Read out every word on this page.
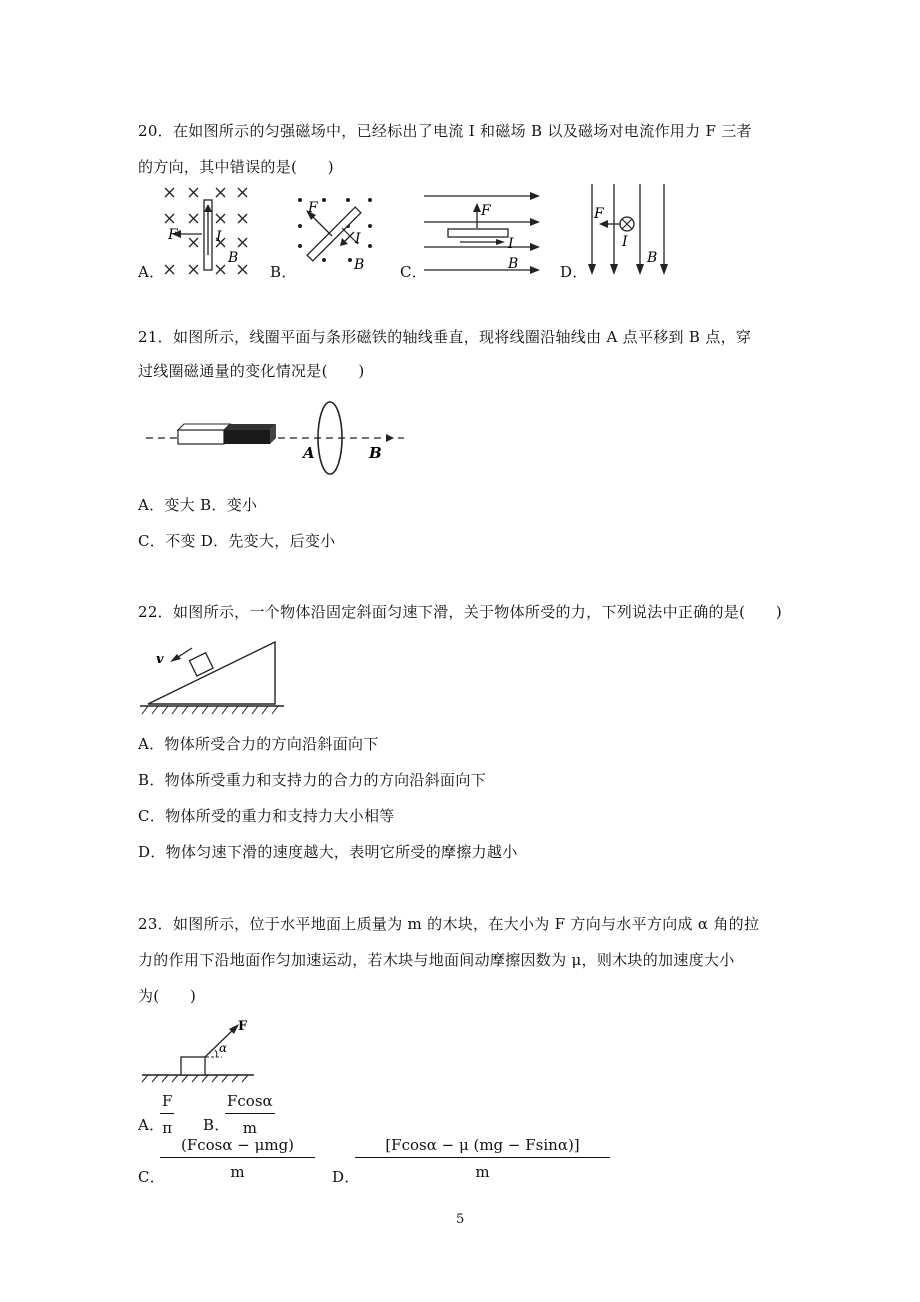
20．在如图所示的匀强磁场中，已经标出了电流 I 和磁场 B 以及磁场对电流作用力 F 三者
的方向，其中错误的是(　　)
A．
F	I
B
B．
F
I
B C．
F
I
B	D．
F
I
B
21．如图所示，线圈平面与条形磁铁的轴线垂直，现将线圈沿轴线由 A 点平移到 B 点，穿
过线圈磁通量的变化情况是(　　)
A	B
A．变大 B．变小
C．不变 D．先变大，后变小
22．如图所示，一个物体沿固定斜面匀速下滑，关于物体所受的力，下列说法中正确的是(　　)
v
A．物体所受合力的方向沿斜面向下
B．物体所受重力和支持力的合力的方向沿斜面向下
C．物体所受的重力和支持力大小相等
D．物体匀速下滑的速度越大，表明它所受的摩擦力越小
23．如图所示，位于水平地面上质量为 m 的木块，在大小为 F 方向与水平方向成 α 角的拉
力的作用下沿地面作匀加速运动，若木块与地面间动摩擦因数为 μ，则木块的加速度大小
为(　　)
F
α
A．
$\frac{F}{\pi}$ B．
$\frac{Fcos\alpha}{m}$
C．
(Fcosα − μmg)
m	D．
$\frac{[Fcos\alpha - \mu (mg - Fsin\alpha)]}{m}$
5
